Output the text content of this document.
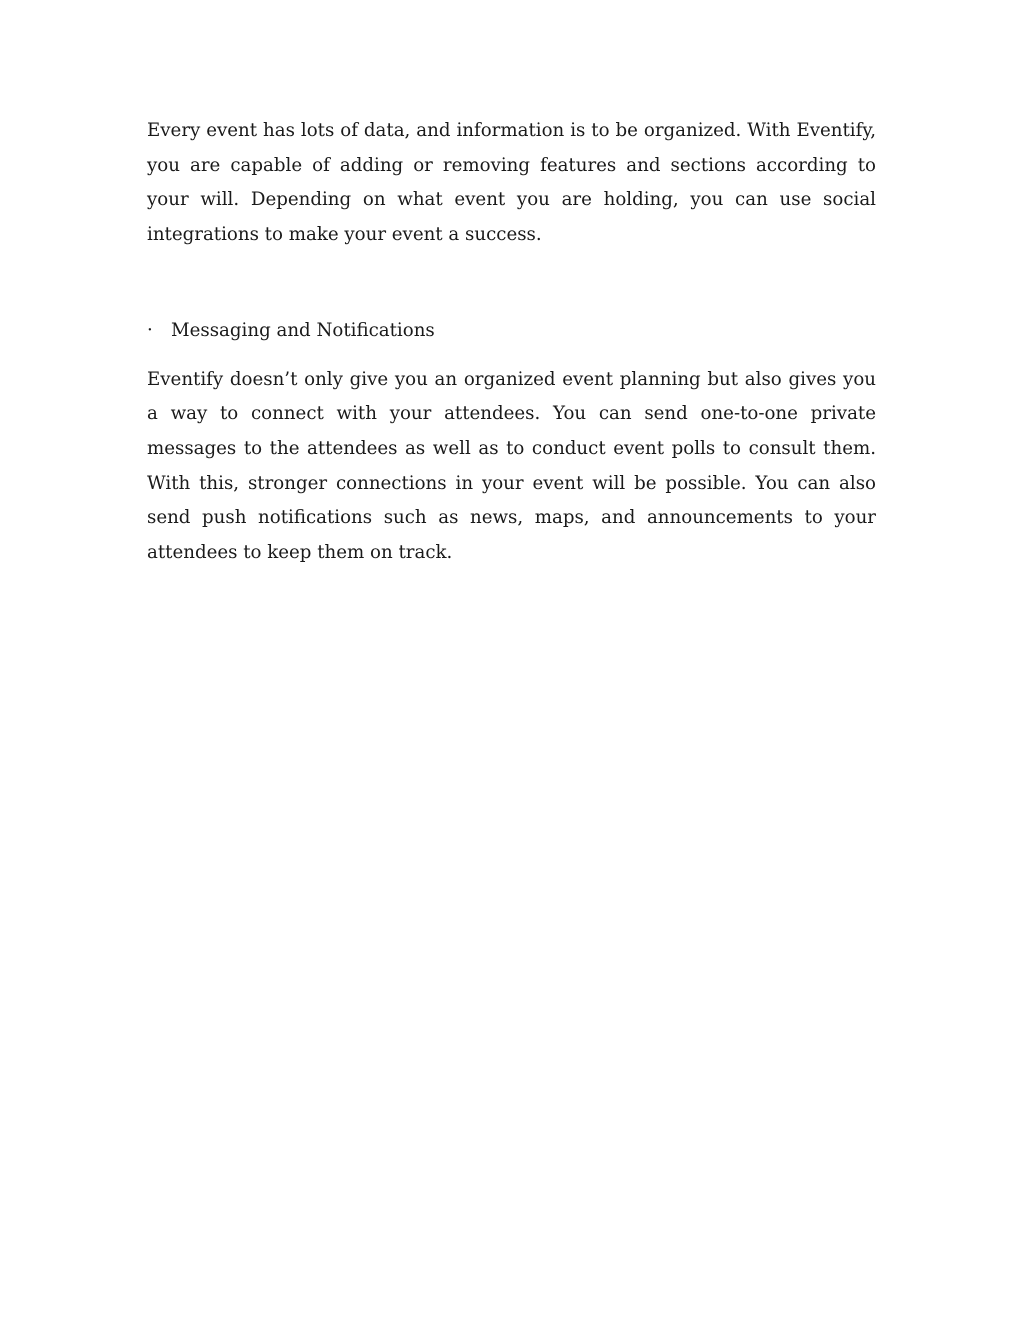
Every event has lots of data, and information is to be organized. With Eventify, you are capable of adding or removing features and sections according to your will. Depending on what event you are holding, you can use social integrations to make your event a success.

·	Messaging and Notifications

Eventify doesn’t only give you an organized event planning but also gives you a way to connect with your attendees. You can send one-to-one private messages to the attendees as well as to conduct event polls to consult them. With this, stronger connections in your event will be possible. You can also send push notifications such as news, maps, and announcements to your attendees to keep them on track.
